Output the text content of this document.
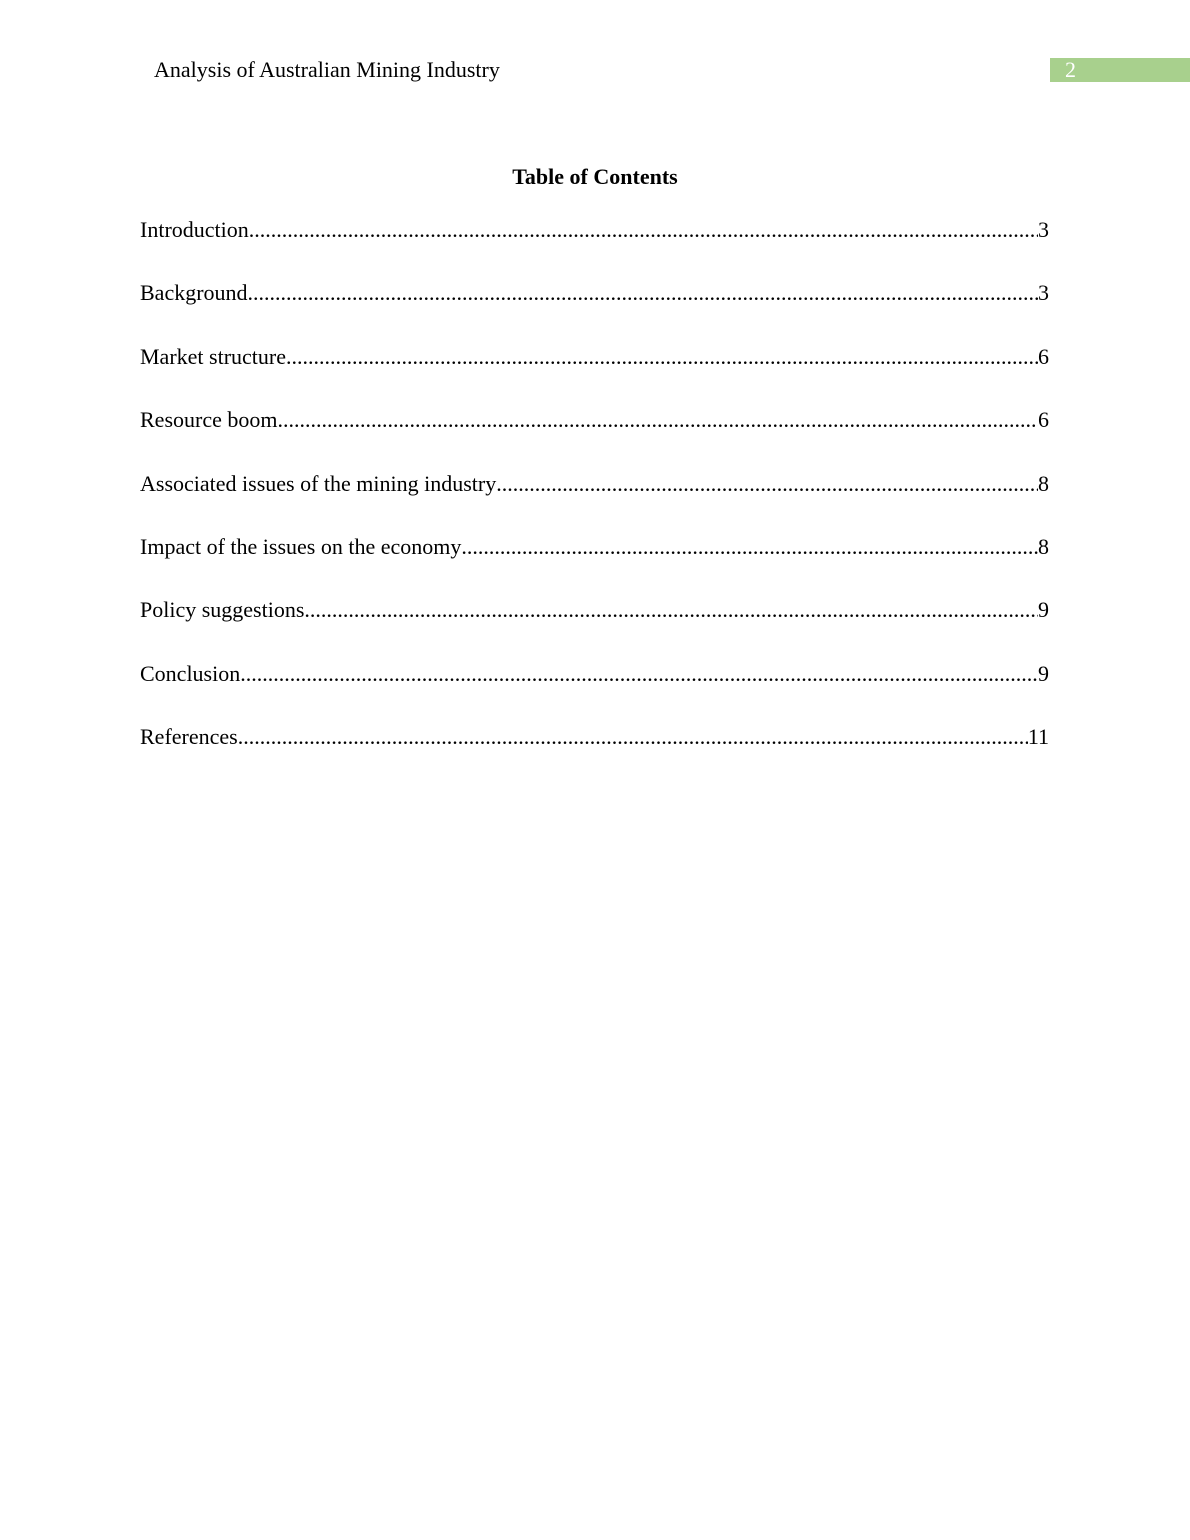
Analysis of Australian Mining Industry	2
Table of Contents
Introduction .....	3
Background .....	3
Market structure .....	6
Resource boom .....	6
Associated issues of the mining industry .....	8
Impact of the issues on the economy .....	8
Policy suggestions .....	9
Conclusion .....	9
References .....	11
